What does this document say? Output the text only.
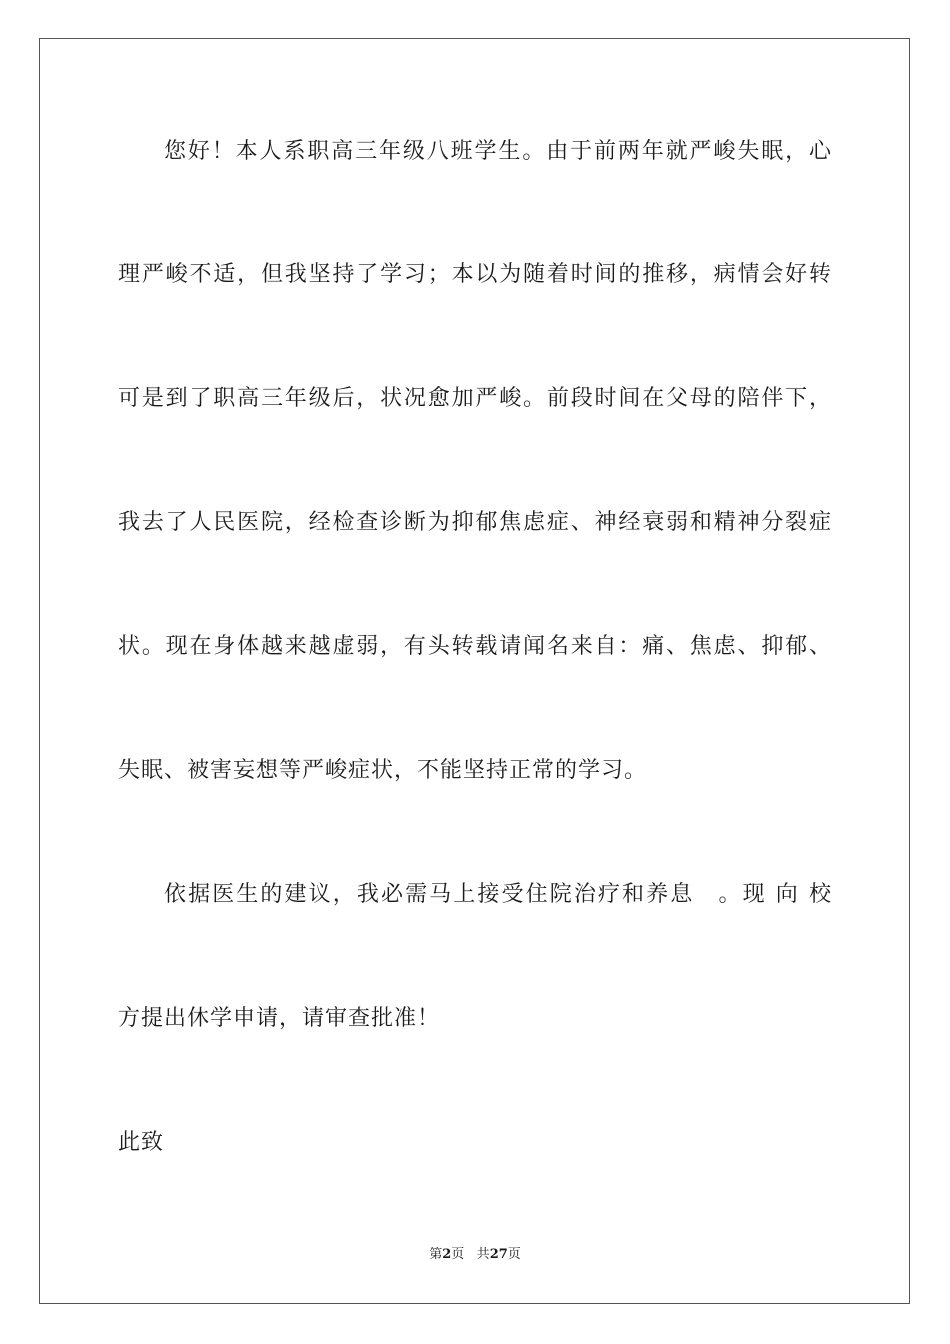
您好！本人系职高三年级八班学生。由于前两年就严峻失眠，心
理严峻不适，但我坚持了学习；本以为随着时间的推移，病情会好转
可是到了职高三年级后，状况愈加严峻。前段时间在父母的陪伴下，
我去了人民医院，经检查诊断为抑郁焦虑症、神经衰弱和精神分裂症
状。现在身体越来越虚弱，有头转载请闻名来自：痛、焦虑、抑郁、
失眠、被害妄想等严峻症状，不能坚持正常的学习。
依据医生的建议，我必需马上接受住院治疗和养息　。现 向 校
方提出休学申请，请审查批准！
此致
第2页 共27页
